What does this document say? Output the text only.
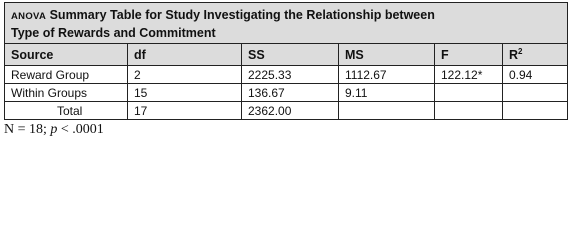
ANOVA Summary Table for Study Investigating the Relationship between
Type of Rewards and Commitment					

Source	df	SS	MS	F	$R^2$
Reward Group	2	2225.33	1112.67	122.12*	0.94
Within Groups	15	136.67	9.11		
Total	17	2362.00			
N = 18; p < .0001
